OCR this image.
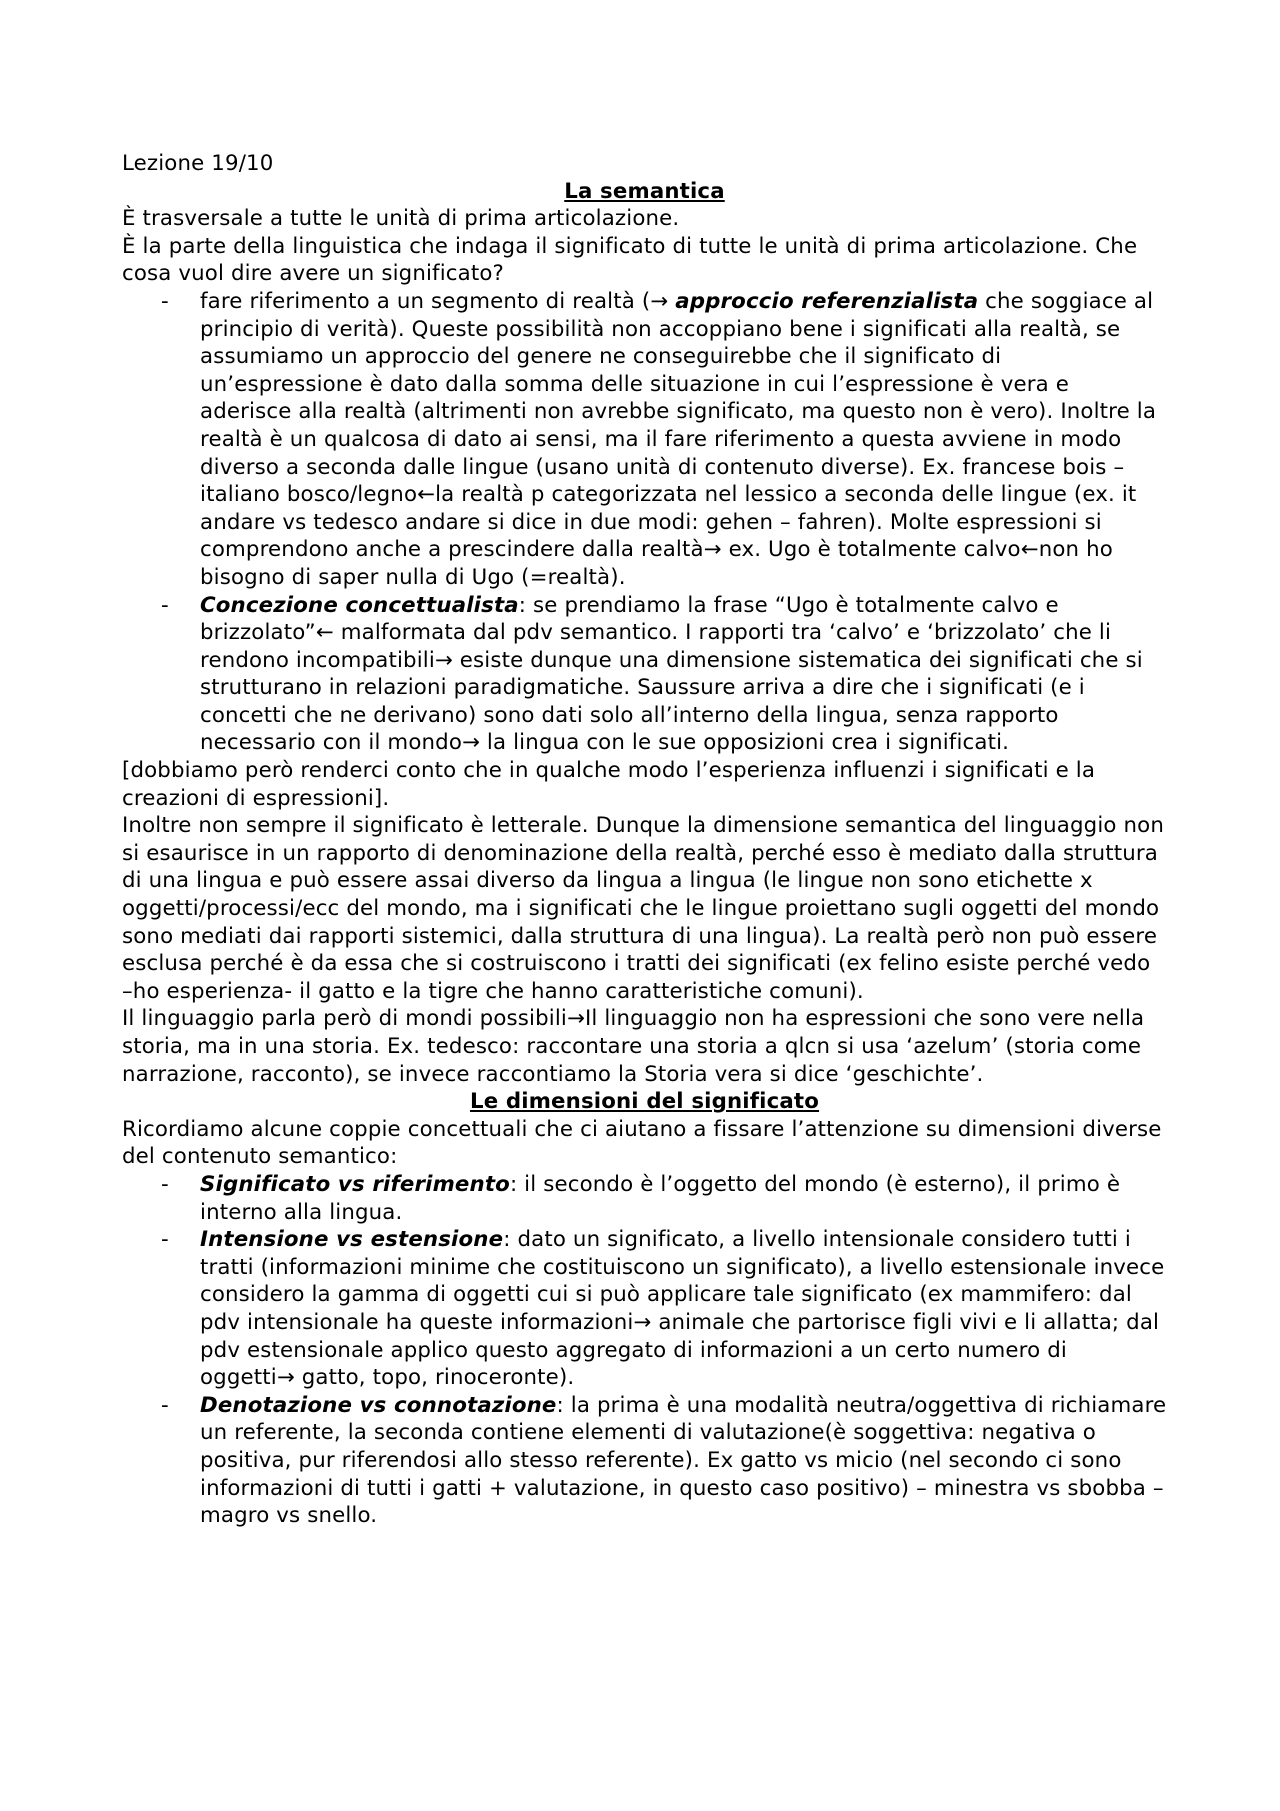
Lezione 19/10

La semantica

È trasversale a tutte le unità di prima articolazione.
È la parte della linguistica che indaga il significato di tutte le unità di prima articolazione. Che cosa vuol dire avere un significato?

- fare riferimento a un segmento di realtà (→ approccio referenzialista che soggiace al principio di verità). Queste possibilità non accoppiano bene i significati alla realtà, se assumiamo un approccio del genere ne conseguirebbe che il significato di un’espressione è dato dalla somma delle situazione in cui l’espressione è vera e aderisce alla realtà (altrimenti non avrebbe significato, ma questo non è vero). Inoltre la realtà è un qualcosa di dato ai sensi, ma il fare riferimento a questa avviene in modo diverso a seconda dalle lingue (usano unità di contenuto diverse). Ex. francese bois – italiano bosco/legno←la realtà p categorizzata nel lessico a seconda delle lingue (ex. it andare vs tedesco andare si dice in due modi: gehen – fahren). Molte espressioni si comprendono anche a prescindere dalla realtà→ ex. Ugo è totalmente calvo←non ho bisogno di saper nulla di Ugo (=realtà).
- Concezione concettualista: se prendiamo la frase “Ugo è totalmente calvo e brizzolato”← malformata dal pdv semantico. I rapporti tra ‘calvo’ e ‘brizzolato’ che li rendono incompatibili→ esiste dunque una dimensione sistematica dei significati che si strutturano in relazioni paradigmatiche. Saussure arriva a dire che i significati (e i concetti che ne derivano) sono dati solo all’interno della lingua, senza rapporto necessario con il mondo→ la lingua con le sue opposizioni crea i significati.

[dobbiamo però renderci conto che in qualche modo l’esperienza influenzi i significati e la creazioni di espressioni].

Inoltre non sempre il significato è letterale. Dunque la dimensione semantica del linguaggio non si esaurisce in un rapporto di denominazione della realtà, perché esso è mediato dalla struttura di una lingua e può essere assai diverso da lingua a lingua (le lingue non sono etichette x oggetti/processi/ecc del mondo, ma i significati che le lingue proiettano sugli oggetti del mondo sono mediati dai rapporti sistemici, dalla struttura di una lingua). La realtà però non può essere esclusa perché è da essa che si costruiscono i tratti dei significati (ex felino esiste perché vedo –ho esperienza- il gatto e la tigre che hanno caratteristiche comuni).

Il linguaggio parla però di mondi possibili→Il linguaggio non ha espressioni che sono vere nella storia, ma in una storia. Ex. tedesco: raccontare una storia a qlcn si usa ‘azelum’ (storia come narrazione, racconto), se invece raccontiamo la Storia vera si dice ‘geschichte’.

Le dimensioni del significato

Ricordiamo alcune coppie concettuali che ci aiutano a fissare l’attenzione su dimensioni diverse del contenuto semantico:

- Significato vs riferimento: il secondo è l’oggetto del mondo (è esterno), il primo è interno alla lingua.
- Intensione vs estensione: dato un significato, a livello intensionale considero tutti i tratti (informazioni minime che costituiscono un significato), a livello estensionale invece considero la gamma di oggetti cui si può applicare tale significato (ex mammifero: dal pdv intensionale ha queste informazioni→ animale che partorisce figli vivi e li allatta; dal pdv estensionale applico questo aggregato di informazioni a un certo numero di oggetti→ gatto, topo, rinoceronte).
- Denotazione vs connotazione: la prima è una modalità neutra/oggettiva di richiamare un referente, la seconda contiene elementi di valutazione(è soggettiva: negativa o positiva, pur riferendosi allo stesso referente). Ex gatto vs micio (nel secondo ci sono informazioni di tutti i gatti + valutazione, in questo caso positivo) – minestra vs sbobba – magro vs snello.
